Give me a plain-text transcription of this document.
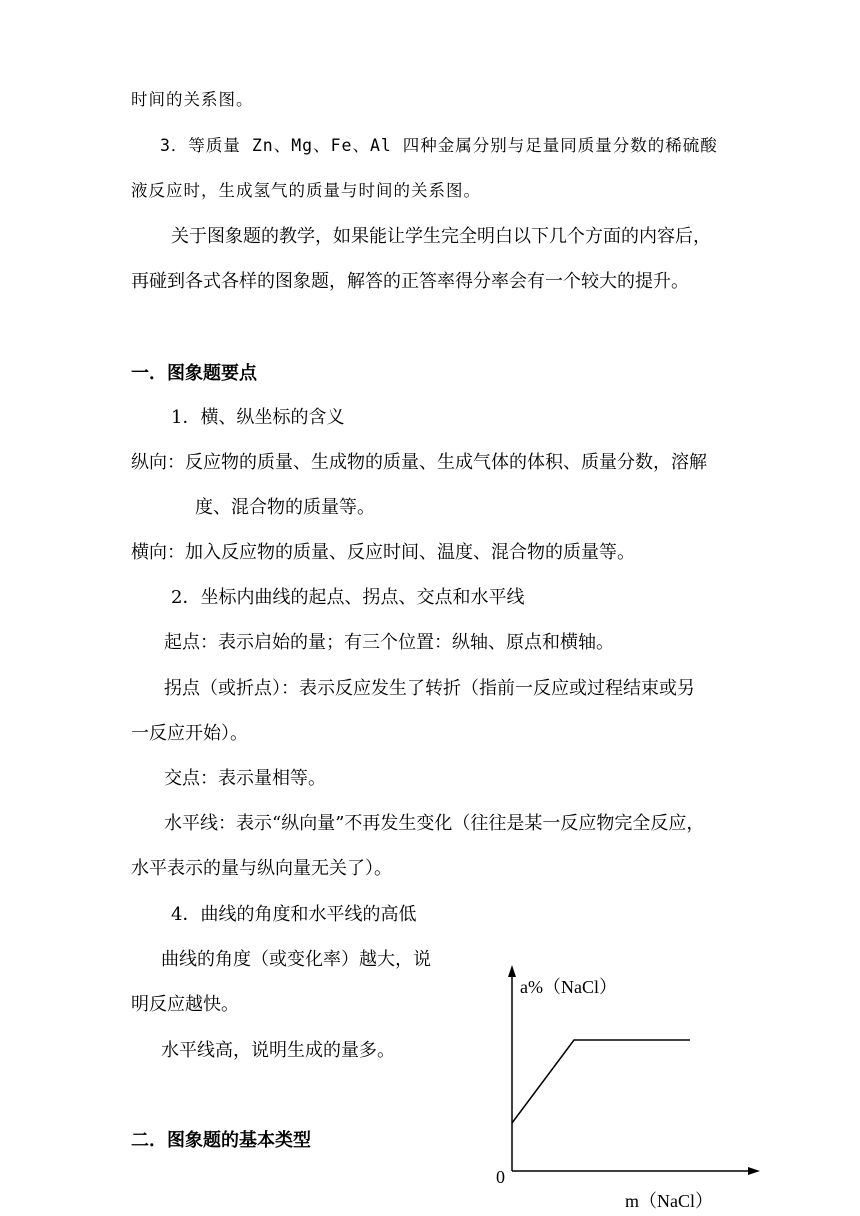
时间的关系图。
3．等质量 Zn、Mg、Fe、Al 四种金属分别与足量同质量分数的稀硫酸
液反应时，生成氢气的质量与时间的关系图。
关于图象题的教学，如果能让学生完全明白以下几个方面的内容后，
再碰到各式各样的图象题，解答的正答率得分率会有一个较大的提升。
一．图象题要点
1．横、纵坐标的含义
纵向：反应物的质量、生成物的质量、生成气体的体积、质量分数，溶解
度、混合物的质量等。
横向：加入反应物的质量、反应时间、温度、混合物的质量等。
2．坐标内曲线的起点、拐点、交点和水平线
起点：表示启始的量；有三个位置：纵轴、原点和横轴。
拐点（或折点）：表示反应发生了转折（指前一反应或过程结束或另
一反应开始）。
交点：表示量相等。
水平线：表示“纵向量”不再发生变化（往往是某一反应物完全反应，
水平表示的量与纵向量无关了）。
4．曲线的角度和水平线的高低
曲线的角度（或变化率）越大，说
明反应越快。
水平线高，说明生成的量多。
二．图象题的基本类型
a%（NaCl）
0
m（NaCl）
